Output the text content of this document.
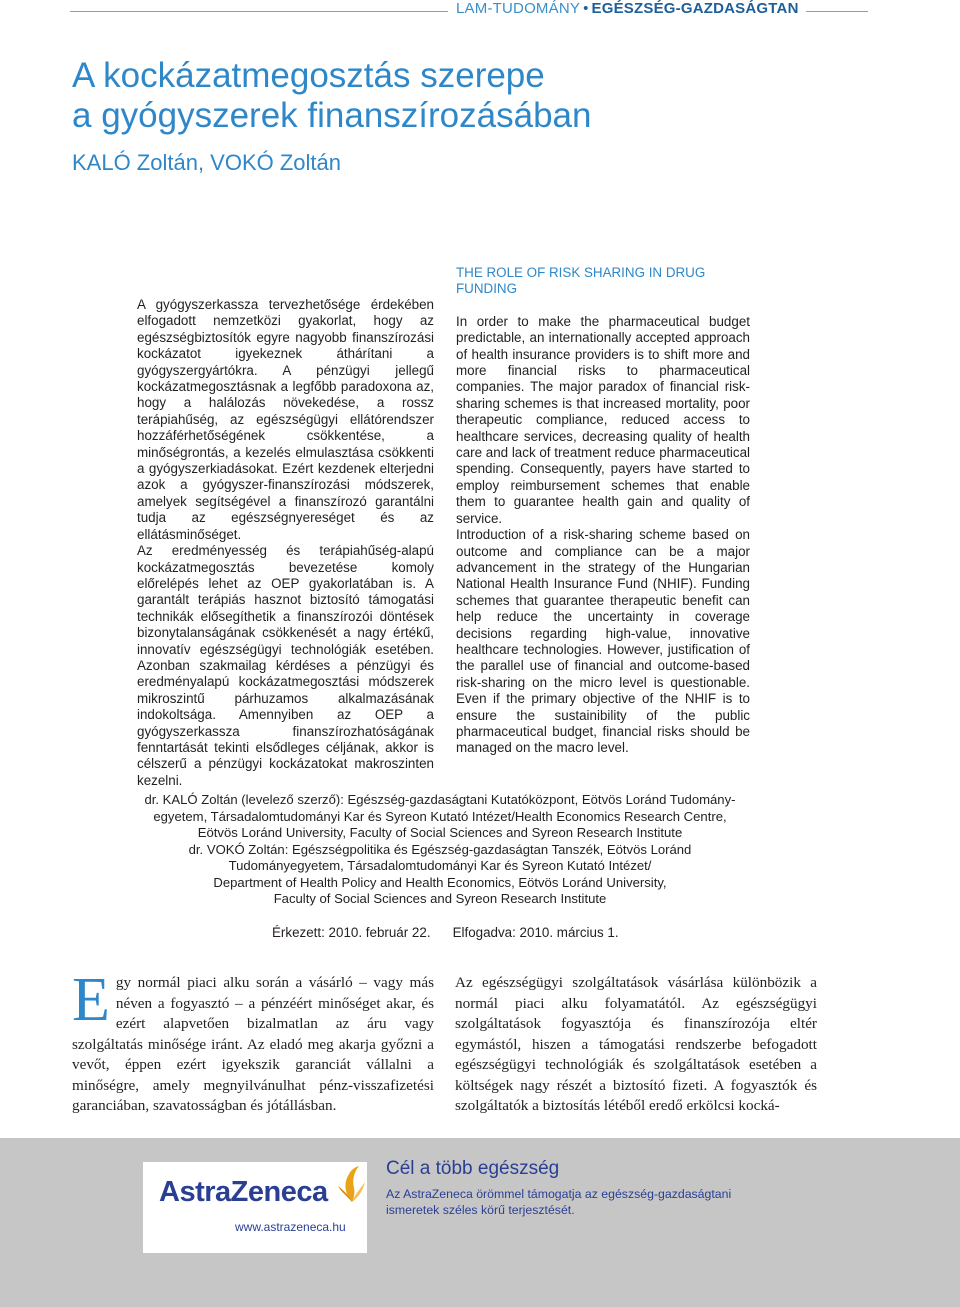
LAM-TUDOMÁNY • EGÉSZSÉG-GAZDASÁGTAN
A kockázatmegosztás szerepe
a gyógyszerek finanszírozásában
KALÓ Zoltán, VOKÓ Zoltán

A gyógyszerkassza tervezhetősége érdekében elfogadott nemzetközi gyakorlat, hogy az egészségbiztosítók egyre nagyobb finanszírozási kockázatot igyekeznek áthárítani a gyógyszergyártókra. A pénzügyi jellegű kockázatmegosztásnak a legfőbb paradoxona az, hogy a halálozás növekedése, a rossz terápiahűség, az egészségügyi ellátórendszer hozzáférhetőségének csökkentése, a minőségrontás, a kezelés elmulasztása csökkenti a gyógyszerkiadásokat. Ezért kezdenek elterjedni azok a gyógyszer-finanszírozási módszerek, amelyek segítségével a finanszírozó garantálni tudja az egészségnyereséget és az ellátásminőséget.

Az eredményesség és terápiahűség-alapú kockázatmegosztás bevezetése komoly előrelépés lehet az OEP gyakorlatában is. A garantált terápiás hasznot biztosító támogatási technikák elősegíthetik a finanszírozói döntések bizonytalanságának csökkenését a nagy értékű, innovatív egészségügyi technológiák esetében. Azonban szakmailag kérdéses a pénzügyi és eredményalapú kockázatmegosztási módszerek mikroszintű párhuzamos alkalmazásának indokoltsága. Amennyiben az OEP a gyógyszerkassza finanszírozhatóságának fenntartását tekinti elsődleges céljának, akkor is célszerű a pénzügyi kockázatokat makroszinten kezelni.

THE ROLE OF RISK SHARING IN DRUG FUNDING

In order to make the pharmaceutical budget predictable, an internationally accepted approach of health insurance providers is to shift more and more financial risks to pharmaceutical companies. The major paradox of financial risk-sharing schemes is that increased mortality, poor therapeutic compliance, reduced access to healthcare services, decreasing quality of health care and lack of treatment reduce pharmaceutical spending. Consequently, payers have started to employ reimbursement schemes that enable them to guarantee health gain and quality of service.

Introduction of a risk-sharing scheme based on outcome and compliance can be a major advancement in the strategy of the Hungarian National Health Insurance Fund (NHIF). Funding schemes that guarantee therapeutic benefit can help reduce the uncertainty in coverage decisions regarding high-value, innovative healthcare technologies. However, justification of the parallel use of financial and outcome-based risk-sharing on the micro level is questionable. Even if the primary objective of the NHIF is to ensure the sustainibility of the public pharmaceutical budget, financial risks should be managed on the macro level.

dr. KALÓ Zoltán (levelező szerző): Egészség-gazdaságtani Kutatóközpont, Eötvös Loránd Tudomány-
egyetem, Társadalomtudományi Kar és Syreon Kutató Intézet/Health Economics Research Centre,
Eötvös Loránd University, Faculty of Social Sciences and Syreon Research Institute
dr. VOKÓ Zoltán: Egészségpolitika és Egészség-gazdaságtan Tanszék, Eötvös Loránd
Tudományegyetem, Társadalomtudományi Kar és Syreon Kutató Intézet/
Department of Health Policy and Health Economics, Eötvös Loránd University,
Faculty of Social Sciences and Syreon Research Institute
Érkezett: 2010. február 22. Elfogadva: 2010. március 1.
Egy normál piaci alku során a vásárló – vagy más néven a fogyasztó – a pénzéért minőséget akar, és ezért alapvetően bizalmatlan az áru vagy szolgáltatás minősége iránt. Az eladó meg akarja győzni a vevőt, éppen ezért igyekszik garanciát vállalni a minőségre, amely megnyilvánulhat pénz-visszafizetési garanciában, szavatosságban és jótállásban.
Az egészségügyi szolgáltatások vásárlása különbözik a normál piaci alku folyamatától. Az egészségügyi szolgáltatások fogyasztója és finanszírozója eltér egymástól, hiszen a támogatási rendszerbe befogadott egészségügyi technológiák és szolgáltatások esetében a költségek nagy részét a biztosító fizeti. A fogyasztók és szolgáltatók a biztosítás létéből eredő erkölcsi kocká-
AstraZeneca
www.astrazeneca.hu
Cél a több egészség
Az AstraZeneca örömmel támogatja az egészség-gazdaságtani ismeretek széles körű terjesztését.
